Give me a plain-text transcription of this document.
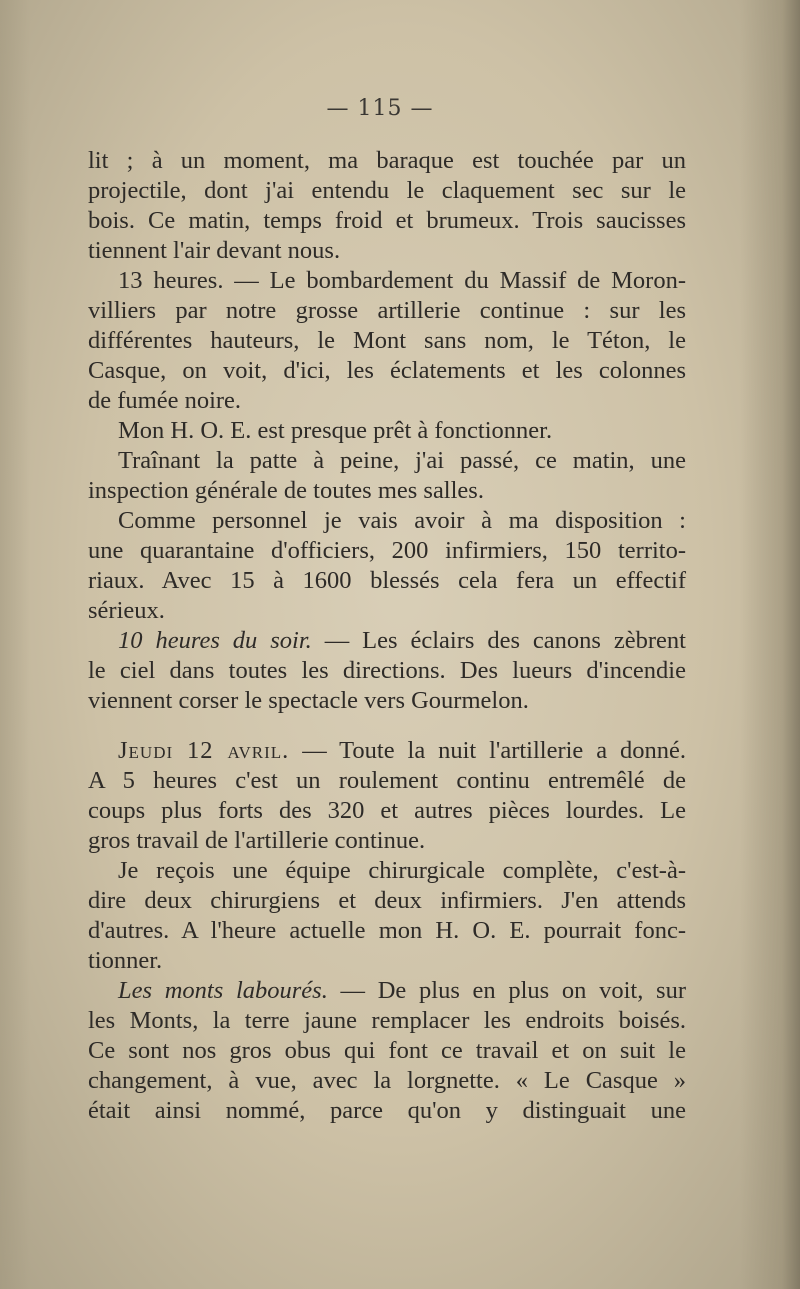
— 115 —
lit ; à un moment, ma baraque est touchée par un
projectile, dont j'ai entendu le claquement sec sur le
bois. Ce matin, temps froid et brumeux. Trois saucisses
tiennent l'air devant nous.
13 heures. — Le bombardement du Massif de Moron-
villiers par notre grosse artillerie continue : sur les
différentes hauteurs, le Mont sans nom, le Téton, le
Casque, on voit, d'ici, les éclatements et les colonnes
de fumée noire.
Mon H. O. E. est presque prêt à fonctionner.
Traînant la patte à peine, j'ai passé, ce matin, une
inspection générale de toutes mes salles.
Comme personnel je vais avoir à ma disposition :
une quarantaine d'officiers, 200 infirmiers, 150 territo-
riaux. Avec 15 à 1600 blessés cela fera un effectif
sérieux.
10 heures du soir. — Les éclairs des canons zèbrent
le ciel dans toutes les directions. Des lueurs d'incendie
viennent corser le spectacle vers Gourmelon.
Jeudi 12 avril. — Toute la nuit l'artillerie a donné.
A 5 heures c'est un roulement continu entremêlé de
coups plus forts des 320 et autres pièces lourdes. Le
gros travail de l'artillerie continue.
Je reçois une équipe chirurgicale complète, c'est-à-
dire deux chirurgiens et deux infirmiers. J'en attends
d'autres. A l'heure actuelle mon H. O. E. pourrait fonc-
tionner.
Les monts labourés. — De plus en plus on voit, sur
les Monts, la terre jaune remplacer les endroits boisés.
Ce sont nos gros obus qui font ce travail et on suit le
changement, à vue, avec la lorgnette. « Le Casque »
était ainsi nommé, parce qu'on y distinguait une
